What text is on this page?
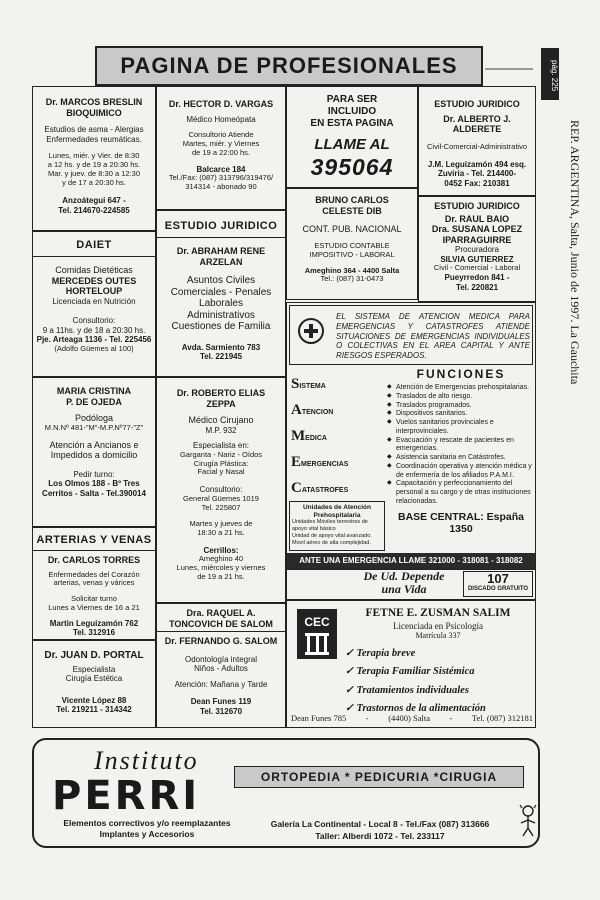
pág. 225
REP. ARGENTINA, Salta, Junio de 1997. La Gauchita
PAGINA DE PROFESIONALES
Dr. MARCOS BRESLIN
BIOQUIMICO
Estudios de asma - Alergias
Enfermedades reumáticas.
Lunes, miér. y Vier. de 8:30
a 12 hs. y de 19 a 20:30 hs.
Mar. y juev. de 8:30 a 12:30
y de 17 a 20:30 hs.
Anzoátegui 647 -
Tel. 214670-224585
DAIET
Comidas Dietéticas
MERCEDES OUTES
HORTELOUP
Licenciada en Nutrición
Consultorio:
9 a 11hs. y de 18 a 20:30 hs.
Pje. Arteaga 1136 - Tel. 225456
(Adolfo Güemes al 100)
MARIA CRISTINA
P. DE OJEDA
Podóloga
M.N.Nº 481-"M"-M.P.Nº77-"Z"
Atención a Ancianos e
Impedidos a domicilio
Pedir turno:
Los Olmos 188 - Bº Tres
Cerritos - Salta - Tel.390014
ARTERIAS Y VENAS
Dr. CARLOS TORRES
Enfermedades del Corazón
arterias, venas y várices
Solicitar turno
Lunes a Viernes de 16 a 21
Martin Leguizamón 762
Tel. 312916
Dr. JUAN D. PORTAL
Especialista
Cirugía Estética
Vicente López 88
Tel. 219211 - 314342
Dr. HECTOR D. VARGAS
Médico Homeópata
Consultorio Atiende
Martes, miér. y Viernes
de 19 a 22:00 hs.
Balcarce 184
Tel./Fax: (087) 313796/319476/
314314 - abonado 90
ESTUDIO JURIDICO
Dr. ABRAHAM RENE
ARZELAN
Asuntos Civiles
Comerciales - Penales
Laborales
Administrativos
Cuestiones de Familia
Avda. Sarmiento 783
Tel. 221945
Dr. ROBERTO ELIAS
ZEPPA
Médico Cirujano
M.P. 932
Especialista en:
Garganta - Nariz - Oídos
Cirugía Plástica:
Facial y Nasal
Consultorio:
General Güemes 1019
Tel. 225807
Martes y jueves de
18:30 a 21 hs.
Cerrillos:
Ameghino 40
Lunes, miércoles y viernes
de 19 a 21 hs.
Dra. RAQUEL A.
TONCOVICH DE SALOM
Dr. FERNANDO G. SALOM
Odontología integral
Niños - Adultos
Atención: Mañana y Tarde
Dean Funes 119
Tel. 312670
PARA SER
INCLUIDO
EN ESTA PAGINA
LLAME AL
395064
BRUNO CARLOS
CELESTE DIB
CONT. PUB. NACIONAL
ESTUDIO CONTABLE
IMPOSITIVO - LABORAL
Ameghino 364 - 4400 Salta
Tel.: (087) 31-0473
ESTUDIO JURIDICO
Dr. ALBERTO J. ALDERETE
Civil-Comercial-Administrativo
J.M. Leguizamón 494 esq.
Zuviria - Tel. 214400-
0452 Fax: 210381
ESTUDIO JURIDICO
Dr. RAUL BAIO
Dra. SUSANA LOPEZ
IPARRAGUIRRE
Procuradora
SILVIA GUTIERREZ
Civil - Comercial - Laboral
Pueyrredon 841 -
Tel. 220821
EL SISTEMA DE ATENCION MEDICA PARA EMERGENCIAS Y CATASTROFES ATIENDE SITUACIONES DE EMERGENCIAS INDIVIDUALES O COLECTIVAS EN EL AREA CAPITAL Y ANTE RIESGOS ESPERADOS.
SISTEMA
ATENCION
MEDICA
EMERGENCIAS
CATASTROFES
Unidades de Atención
Prehospitalaria
Unidades Móviles terrestres de apoyo vital básico
Unidad de apoyo vital avanzado.
Movil aéreo de alta complejidad.
FUNCIONES
◆ Atención de Emergencias prehospitalarias.
◆ Traslados de alto riesgo.
◆ Traslados programados.
◆ Dispositivos sanitarios.
◆ Vuelos sanitarios provinciales e interprovinciales.
◆ Evacuación y rescate de pacientes en emergencias.
◆ Asistencia sanitaria en Catástrofes.
◆ Coordinación operativa y atención médica y de enfermería de los afiliados P.A.M.I.
◆ Capacitación y perfeccionamiento del personal a su cargo y de otras instituciones relacionadas.
BASE CENTRAL: España 1350
ANTE UNA EMERGENCIA LLAME 321000 - 318081 - 318082
De Ud. Depende
una Vida
107
DISCADO GRATUITO
CEC
FETNE E. ZUSMAN SALIM
Licenciada en Psicología
Matrícula 337
✓ Terapia breve
✓ Terapia Familiar Sistémica
✓ Tratamientos individuales
✓ Trastornos de la alimentación
Dean Funes 785 - (4400) Salta - Tel. (087) 312181
Instituto
PERRI
Elementos correctivos y/o reemplazantes
Implantes y Accesorios
ORTOPEDIA * PEDICURIA *CIRUGIA
Galería La Continental - Local 8 - Tel./Fax (087) 313666
Taller: Alberdi 1072 - Tel. 233117
